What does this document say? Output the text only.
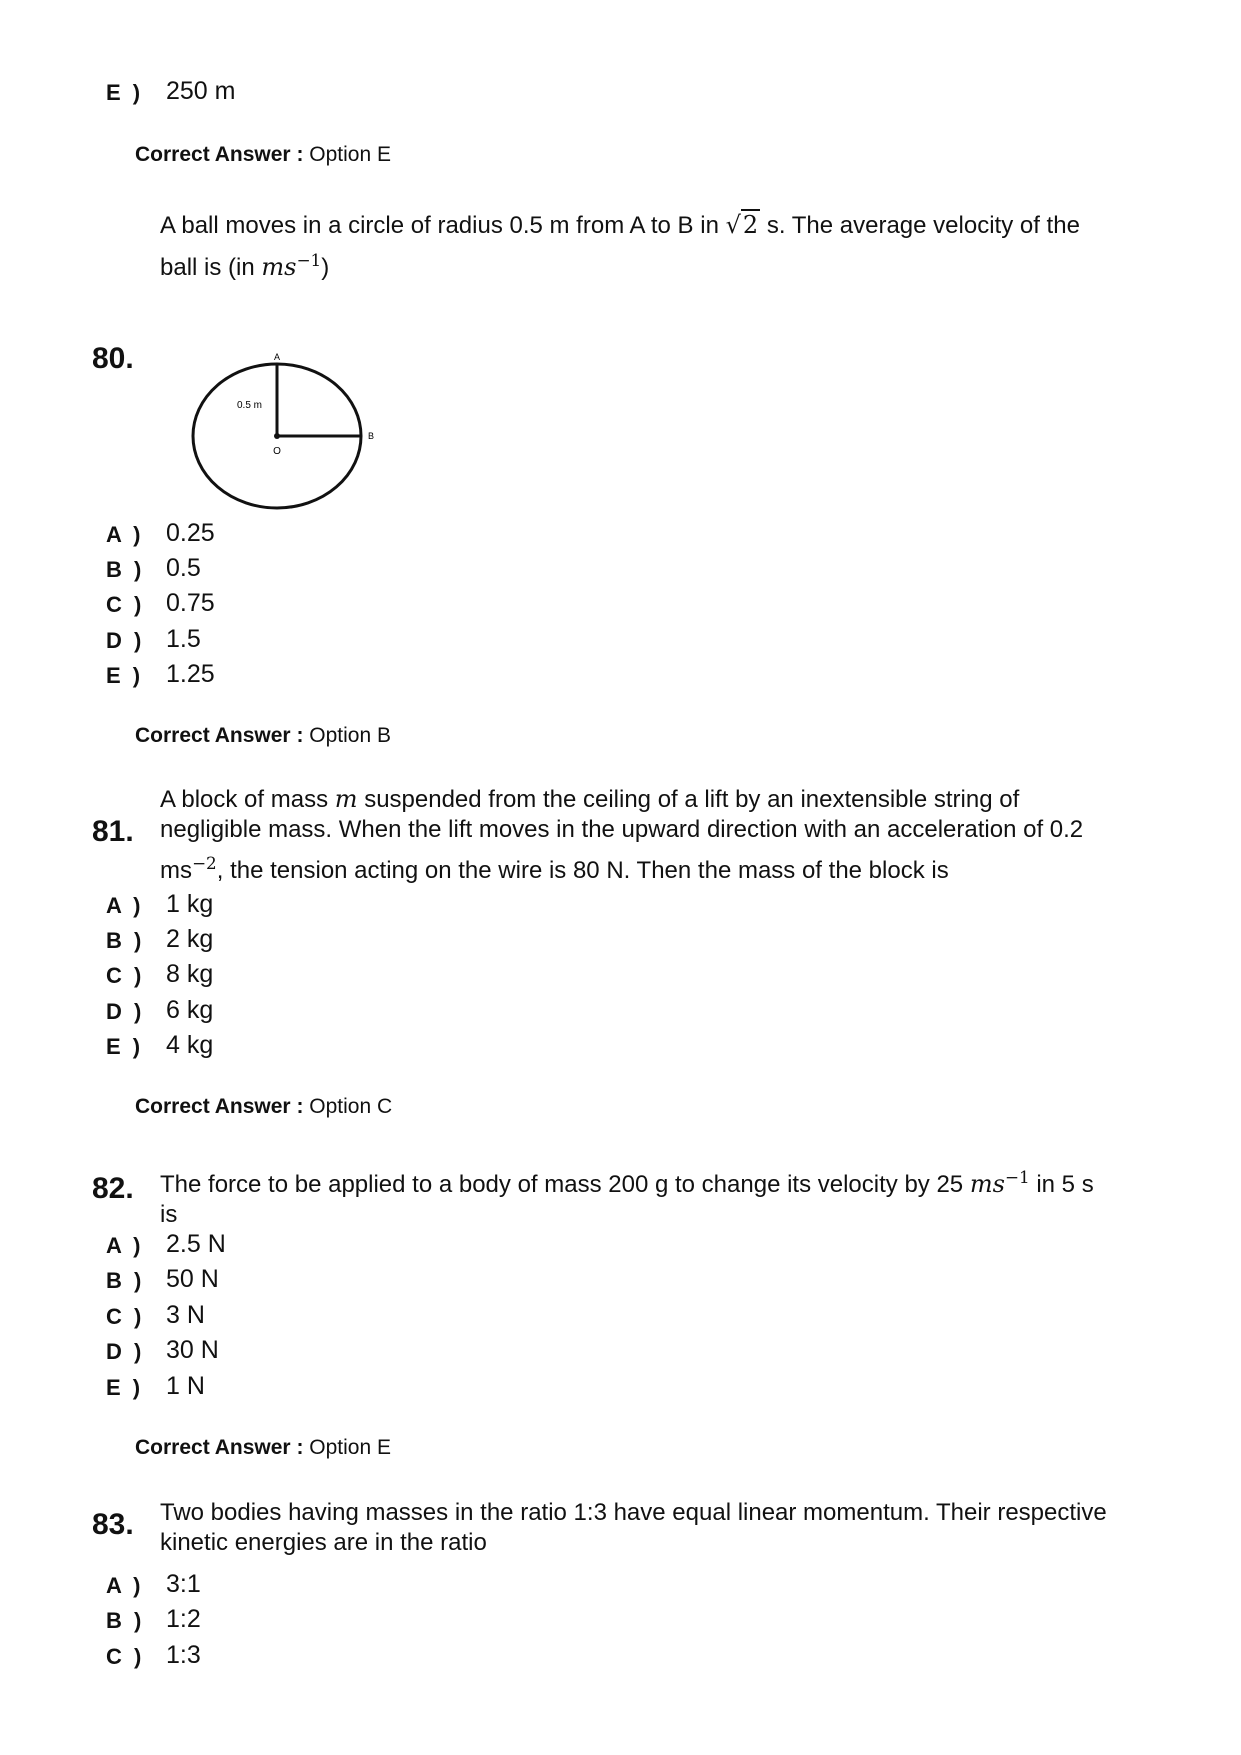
E ) 250 m
Correct Answer : Option E
A ball moves in a circle of radius 0.5 m from A to B in √2 s. The average velocity of the
ball is (in $ms^{-1}$)
80.	A
B
O
0.5 m
A ) 0.25
B ) 0.5
C ) 0.75
D ) 1.5
E ) 1.25
Correct Answer : Option B
A block of mass m suspended from the ceiling of a lift by an inextensible string of
negligible mass. When the lift moves in the upward direction with an acceleration of 0.2
$ms^{-2}$, the tension acting on the wire is 80 N. Then the mass of the block is
81.
A ) 1 kg
B ) 2 kg
C ) 8 kg
D ) 6 kg
E ) 4 kg
Correct Answer : Option C
The force to be applied to a body of mass 200 g to change its velocity by 25 $ms^{-1}$ in 5 s
is
82.
A ) 2.5 N
B ) 50 N
C ) 3 N
D ) 30 N
E ) 1 N
Correct Answer : Option E
Two bodies having masses in the ratio 1:3 have equal linear momentum. Their respective
kinetic energies are in the ratio
83.
A ) 3:1
B ) 1:2
C ) 1:3
